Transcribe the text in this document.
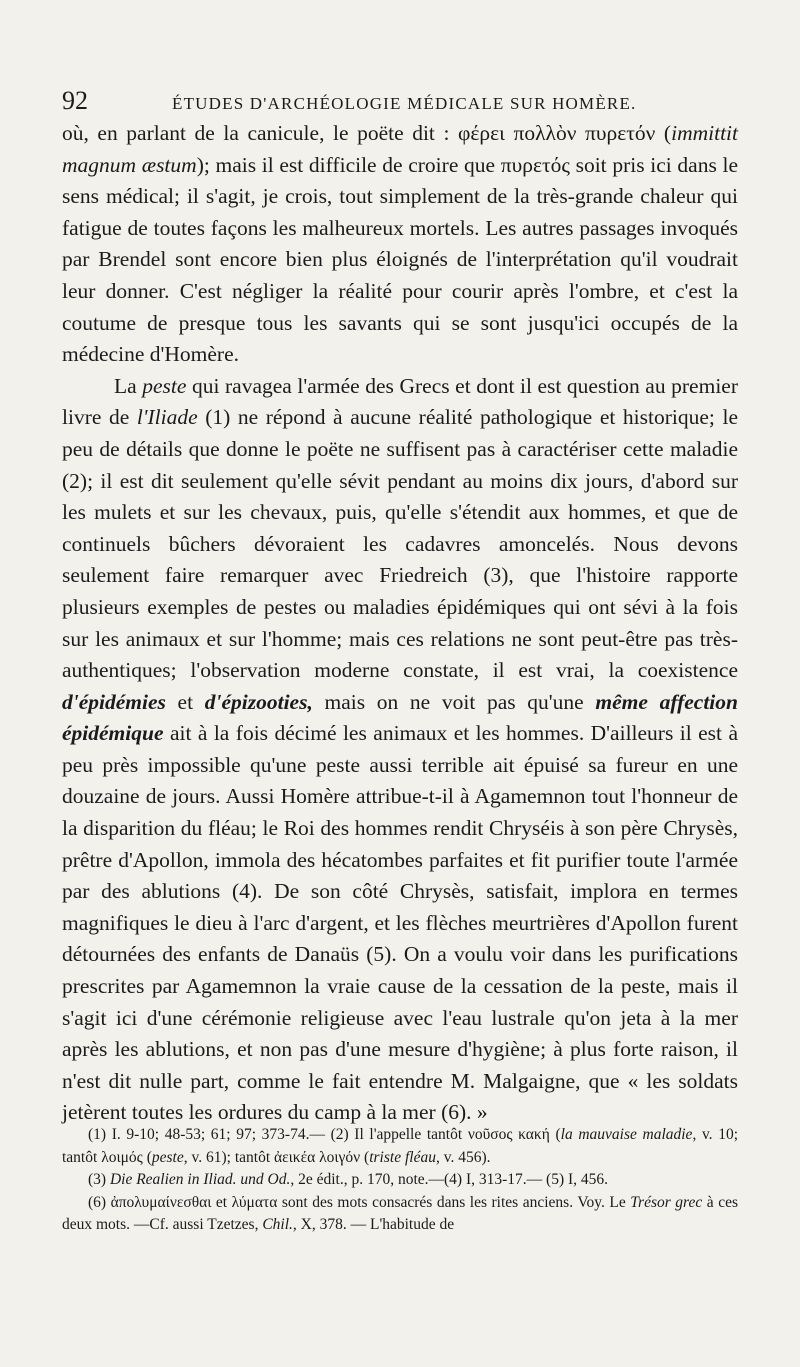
92	ÉTUDES D'ARCHÉOLOGIE MÉDICALE SUR HOMÈRE.

où, en parlant de la canicule, le poëte dit : φέρει πολλὸν πυρετόν (immittit magnum æstum); mais il est difficile de croire que πυρετός soit pris ici dans le sens médical; il s'agit, je crois, tout simplement de la très-grande chaleur qui fatigue de toutes façons les malheureux mortels. Les autres passages invoqués par Brendel sont encore bien plus éloignés de l'interprétation qu'il voudrait leur donner. C'est négliger la réalité pour courir après l'ombre, et c'est la coutume de presque tous les savants qui se sont jusqu'ici occupés de la médecine d'Homère.

La peste qui ravagea l'armée des Grecs et dont il est question au premier livre de l'Iliade (1) ne répond à aucune réalité pathologique et historique; le peu de détails que donne le poëte ne suffisent pas à caractériser cette maladie (2); il est dit seulement qu'elle sévit pendant au moins dix jours, d'abord sur les mulets et sur les chevaux, puis, qu'elle s'étendit aux hommes, et que de continuels bûchers dévoraient les cadavres amoncelés. Nous devons seulement faire remarquer avec Friedreich (3), que l'histoire rapporte plusieurs exemples de pestes ou maladies épidémiques qui ont sévi à la fois sur les animaux et sur l'homme; mais ces relations ne sont peut-être pas très-authentiques; l'observation moderne constate, il est vrai, la coexistence d'épidémies et d'épizooties, mais on ne voit pas qu'une même affection épidémique ait à la fois décimé les animaux et les hommes. D'ailleurs il est à peu près impossible qu'une peste aussi terrible ait épuisé sa fureur en une douzaine de jours. Aussi Homère attribue-t-il à Agamemnon tout l'honneur de la disparition du fléau; le Roi des hommes rendit Chryséis à son père Chrysès, prêtre d'Apollon, immola des hécatombes parfaites et fit purifier toute l'armée par des ablutions (4). De son côté Chrysès, satisfait, implora en termes magnifiques le dieu à l'arc d'argent, et les flèches meurtrières d'Apollon furent détournées des enfants de Danaüs (5). On a voulu voir dans les purifications prescrites par Agamemnon la vraie cause de la cessation de la peste, mais il s'agit ici d'une cérémonie religieuse avec l'eau lustrale qu'on jeta à la mer après les ablutions, et non pas d'une mesure d'hygiène; à plus forte raison, il n'est dit nulle part, comme le fait entendre M. Malgaigne, que « les soldats jetèrent toutes les ordures du camp à la mer (6). »

(1) I. 9-10; 48-53; 61; 97; 373-74.— (2) Il l'appelle tantôt νοῦσος κακή (la mauvaise maladie, v. 10; tantôt λοιμός (peste, v. 61); tantôt ἀεικέα λοιγόν (triste fléau, v. 456).

(3) Die Realien in Iliad. und Od., 2e édit., p. 170, note.—(4) I, 313-17.— (5) I, 456.

(6) ἀπολυμαίνεσθαι et λύματα sont des mots consacrés dans les rites anciens. Voy. Le Trésor grec à ces deux mots. —Cf. aussi Tzetzes, Chil., X, 378. — L'habitude de
